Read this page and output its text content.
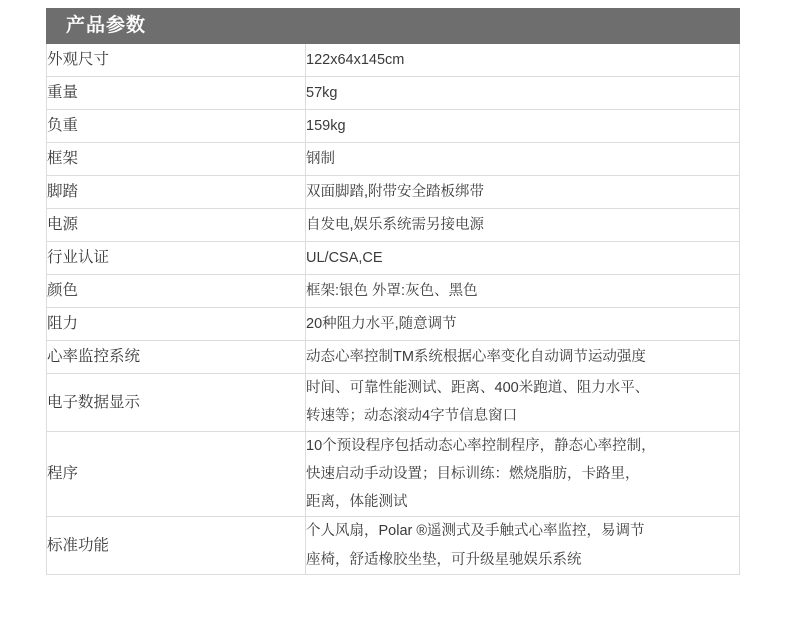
产品参数
外观尺寸	122x64x145cm

重量	57kg

负重	159kg

框架	钢制

脚踏	双面脚踏,附带安全踏板绑带

电源	自发电,娱乐系统需另接电源

行业认证	UL/CSA,CE

颜色	框架:银色 外罩:灰色、黑色

阻力	20种阻力水平,随意调节

心率监控系统	动态心率控制TM系统根据心率变化自动调节运动强度

电子数据显示	时间、可靠性能测试、距离、400米跑道、阻力水平、
转速等；动态滚动4字节信息窗口

程序	10个预设程序包括动态心率控制程序，静态心率控制，
快速启动手动设置；目标训练：燃烧脂肪，卡路里，
距离，体能测试

标准功能	个人风扇，Polar ®遥测式及手触式心率监控，易调节
座椅，舒适橡胶坐垫，可升级星驰娱乐系统
